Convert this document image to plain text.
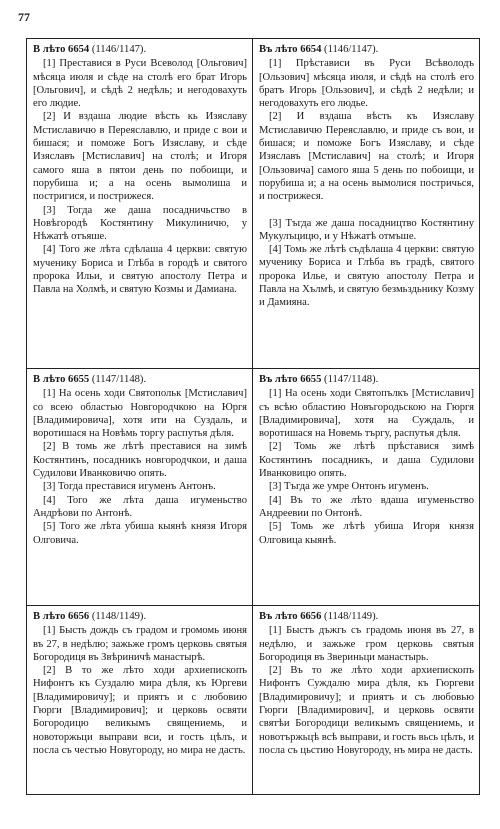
77

В лѣто 6654 (1146/1147).

[1] Преставися в Руси Всеволод [Ольгович] мѣсяца июля и сѣде на столѣ его брат Игорь [Ольгович], и сѣдѣ 2 недѣль; и негодовахуть его людие.

[2] И вздаша людие вѣсть кь Изяславу Мстиславичю в Переяславлю, и приде с вои и бишася; и поможе Богъ Изяславу, и сѣде Изяславъ [Мстиславич] на столѣ; и Игоря самого яша в пятои день по побоищи, и порубиша и; а на осень вымолиша и постригися, и пострижеся.

[3] Тогда же даша посадничьство в Новѣгородѣ Костянтину Микулиничю, у Нѣжатѣ отъяше.

[4] Того же лѣта сдѣлаша 4 церкви: святую мученику Бориса и Глѣба в городѣ и святого пророка Ильи, и святую апостолу Петра и Павла на Холмѣ, и святую Козмы и Дамиана.

Въ лѣто 6654 (1146/1147).

[1] Прѣстависи въ Руси Всѣволодъ [Ользович] мѣсяца июля, и сѣдѣ на столѣ его братъ Игорь [Ользович], и сѣдѣ 2 недѣли; и негодовахуть его людье.

[2] И вздаша вѣсть къ Изяславу Мстиславичю Переяславлю, и приде съ вои, и бишася; и поможе Богъ Изяславу, и сѣде Изяславъ [Мстиславич] на столѣ; и Игоря [Ользовича] самого яша 5 день по побоищи, и порубиша и; а на осень вымолися постричься, и пострижеся.

[3] Тъгда же даша посадництво Костянтину Мукулъцицю, и у Нѣжатѣ отмъше.

[4] Томь же лѣтѣ съдѣлаша 4 церкви: святую мученику Бориса и Глѣба въ градѣ, святого пророка Илье, и святую апостолу Петра и Павла на Хълмѣ, и святую безмьздьнику Козму и Дамияна.

В лѣто 6655 (1147/1148).

[1] На осень ходи Святопольк [Мстиславич] со всею областью Новгородчкою на Юргя [Владимировича], хотя ити на Суздаль, и воротишася на Новѣмь торгу распутья дѣля.

[2] В томь же лѣтѣ преставися на зимѣ Костянтинъ, посадникъ новгородчкои, и даша Судилови Иванковичю опять.

[3] Тогда преставися игуменъ Антонъ.

[4] Того же лѣта даша игуменьство Андрѣови по Антонѣ.

[5] Того же лѣта убиша кыянѣ князя Игоря Олговича.

Въ лѣто 6655 (1147/1148).

[1] На осень ходи Святопълкъ [Мстиславич] съ всѣю областию Новъгородьскою на Гюргя [Владимировича], хотя на Суждаль, и воротишася на Новемь търгу, распутья дѣля.

[2] Томь же лѣтѣ прѣставися зимѣ Костянтинъ посадникъ, и даша Судилови Иванковицю опять.

[3] Тъгда же умре Онтонъ игуменъ.

[4] Въ то же лѣто вдаша игуменьство Андреевии по Онтонѣ.

[5] Томь же лѣтѣ убиша Игоря князя Олговица кыянѣ.

В лѣто 6656 (1148/1149).

[1] Бысть дождь съ градом и громомь июня въ 27, в недѣлю; зажьже громъ церковь святыя Богородиця въ Звѣриничѣ манастырѣ.

[2] В то же лѣто ходи архиепископъ Нифонтъ къ Суздалю мира дѣля, къ Юргеви [Владимировичу]; и приятъ и с любовию Гюрги [Владимирович]; и церковь освяти Богородицю великымъ священиемь, и новоторжьци выправи вси, и гость цѣлъ, и посла съ честью Новугороду, но мира не дасть.

Въ лѣто 6656 (1148/1149).

[1] Быстъ дъжгь съ градомь июня въ 27, в недѣлю, и зажьже гром церковь святыя Богородиця въ Звериньци манастырь.

[2] Въ то же лѣто ходи архиепископъ Нифонтъ Суждалю мира дѣля, къ Гюргеви [Владимировичу]; и приятъ и съ любовью Гюрги [Владимирович], и церковь освяти святѣи Богородици великымъ священиемь, и новотържьцѣ всѣ выправи, и гость вьсь цѣлъ, и посла съ цьстию Новугороду, нъ мира не дасть.
